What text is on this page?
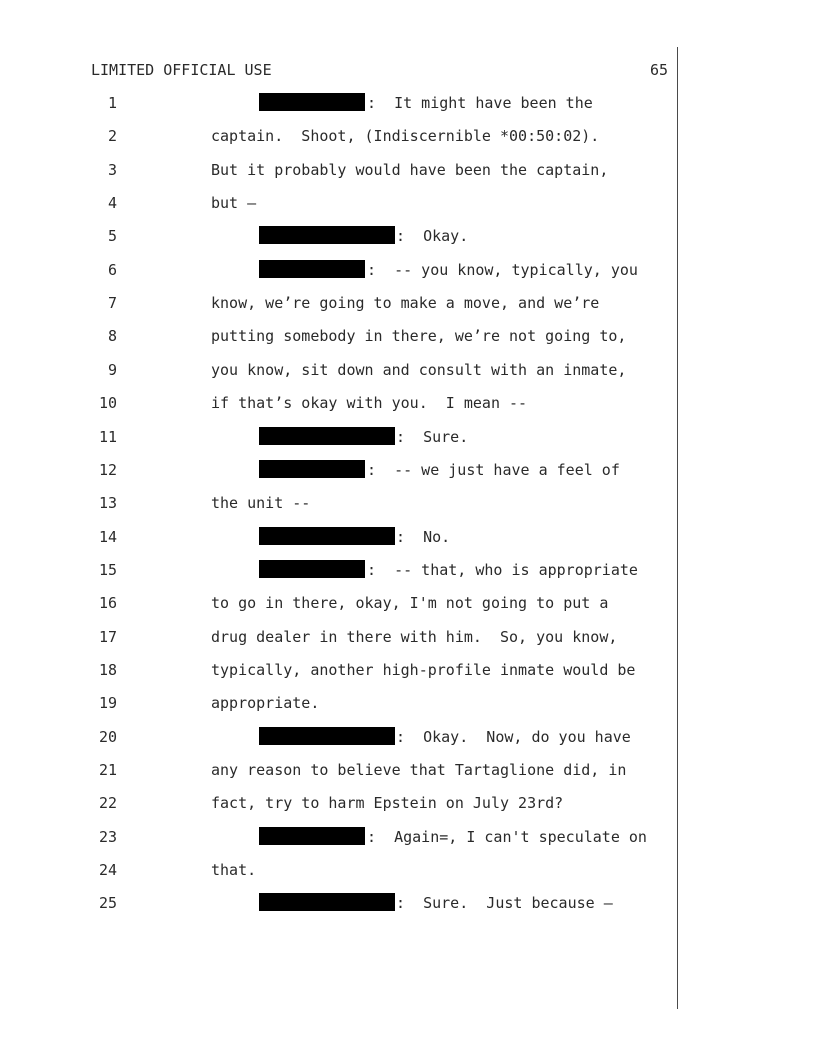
LIMITED OFFICIAL USE	65
1	:  It might have been the
2	captain.  Shoot, (Indiscernible *00:50:02).
3	But it probably would have been the captain,
4	but –
5	:  Okay.
6	:  -- you know, typically, you
7	know, we’re going to make a move, and we’re
8	putting somebody in there, we’re not going to,
9	you know, sit down and consult with an inmate,
10	if that’s okay with you.  I mean --
11	:  Sure.
12	:  -- we just have a feel of
13	the unit --
14	:  No.
15	:  -- that, who is appropriate
16	to go in there, okay, I'm not going to put a
17	drug dealer in there with him.  So, you know,
18	typically, another high-profile inmate would be
19	appropriate.
20	:  Okay.  Now, do you have
21	any reason to believe that Tartaglione did, in
22	fact, try to harm Epstein on July 23rd?
23	:  Again=, I can't speculate on
24	that.
25	:  Sure.  Just because –
